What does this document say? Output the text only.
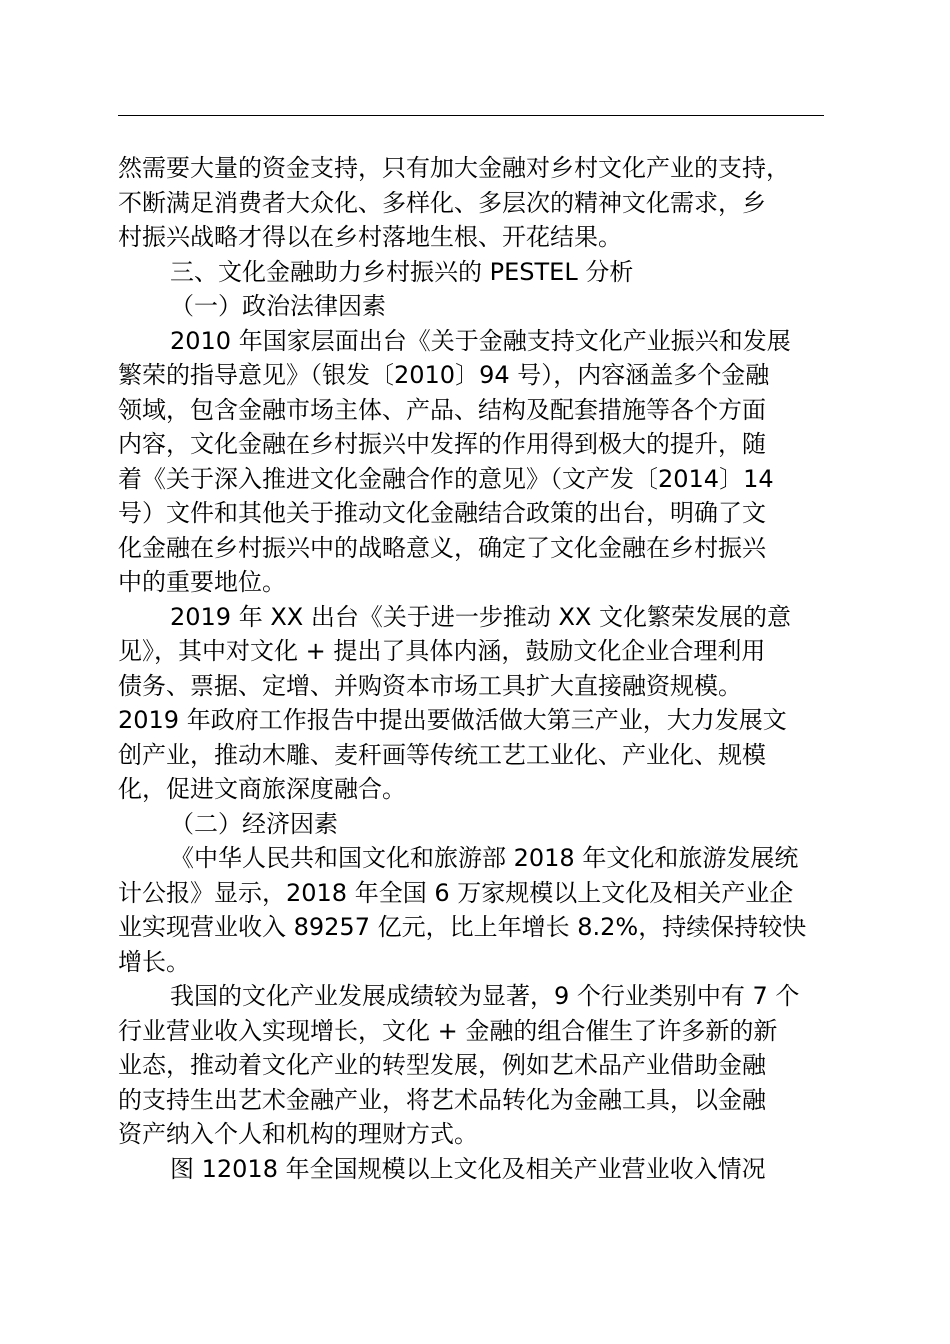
然需要大量的资金支持，只有加大金融对乡村文化产业的支持，
不断满足消费者大众化、多样化、多层次的精神文化需求，乡
村振兴战略才得以在乡村落地生根、开花结果。
三、文化金融助力乡村振兴的 PESTEL 分析
（一）政治法律因素
2010 年国家层面出台《关于金融支持文化产业振兴和发展
繁荣的指导意见》（银发〔2010〕94 号），内容涵盖多个金融
领域，包含金融市场主体、产品、结构及配套措施等各个方面
内容，文化金融在乡村振兴中发挥的作用得到极大的提升，随
着《关于深入推进文化金融合作的意见》（文产发〔2014〕14
号）文件和其他关于推动文化金融结合政策的出台，明确了文
化金融在乡村振兴中的战略意义，确定了文化金融在乡村振兴
中的重要地位。
2019 年 XX 出台《关于进一步推动 XX 文化繁荣发展的意
见》，其中对文化 + 提出了具体内涵，鼓励文化企业合理利用
债务、票据、定增、并购资本市场工具扩大直接融资规模。
2019 年政府工作报告中提出要做活做大第三产业，大力发展文
创产业，推动木雕、麦秆画等传统工艺工业化、产业化、规模
化，促进文商旅深度融合。
（二）经济因素
《中华人民共和国文化和旅游部 2018 年文化和旅游发展统
计公报》显示，2018 年全国 6 万家规模以上文化及相关产业企
业实现营业收入 89257 亿元，比上年增长 8.2%，持续保持较快
增长。
我国的文化产业发展成绩较为显著，9 个行业类别中有 7 个
行业营业收入实现增长，文化 + 金融的组合催生了许多新的新
业态，推动着文化产业的转型发展，例如艺术品产业借助金融
的支持生出艺术金融产业，将艺术品转化为金融工具，以金融
资产纳入个人和机构的理财方式。
图 12018 年全国规模以上文化及相关产业营业收入情况
